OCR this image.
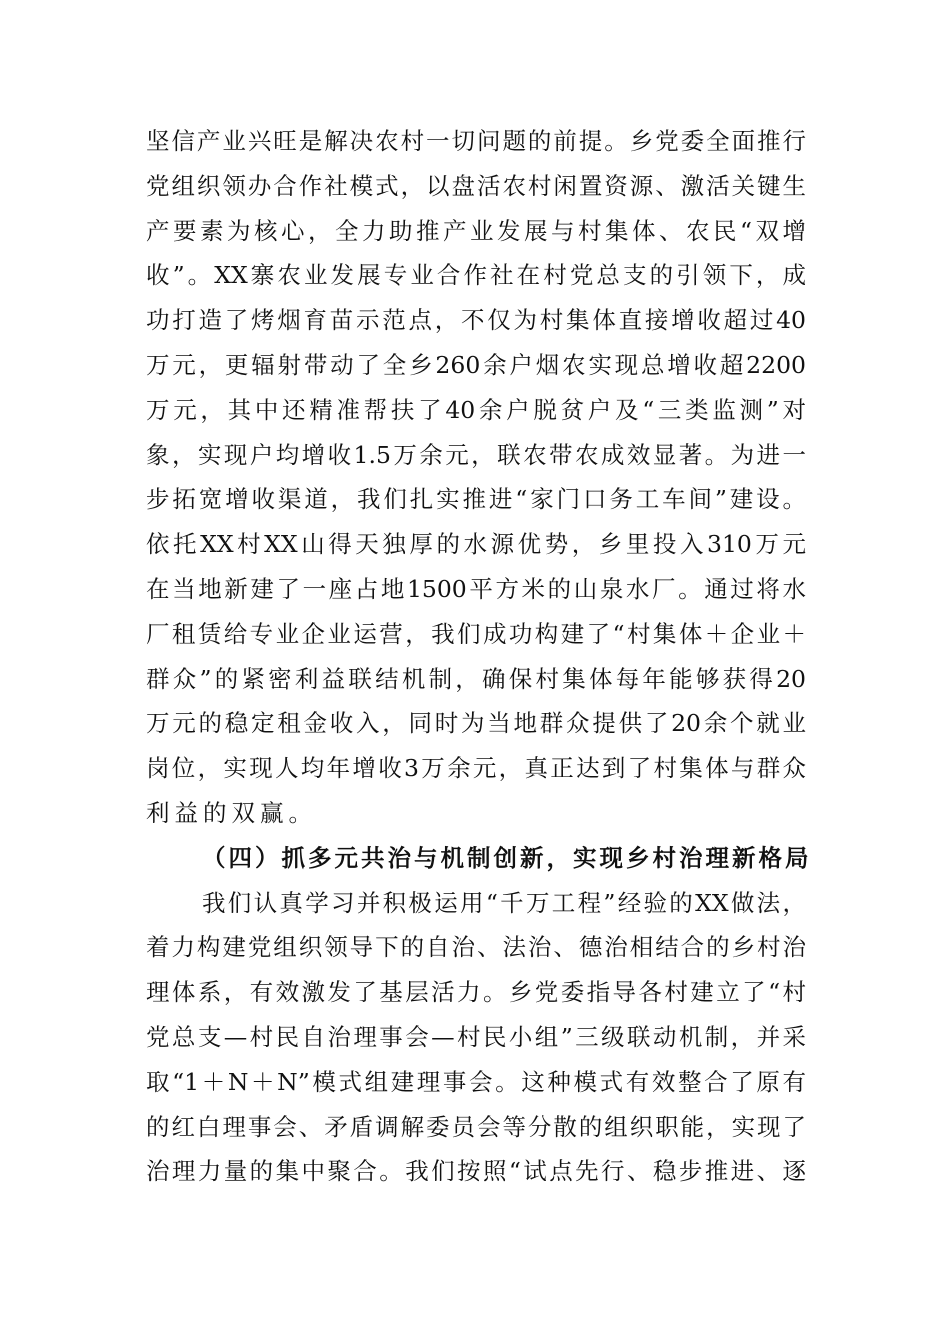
坚信产业兴旺是解决农村一切问题的前提。乡党委全面推行
党组织领办合作社模式，以盘活农村闲置资源、激活关键生
产要素为核心，全力助推产业发展与村集体、农民“双增
收”。XX寨农业发展专业合作社在村党总支的引领下，成
功打造了烤烟育苗示范点，不仅为村集体直接增收超过40
万元，更辐射带动了全乡260余户烟农实现总增收超2200
万元，其中还精准帮扶了40余户脱贫户及“三类监测”对
象，实现户均增收1.5万余元，联农带农成效显著。为进一
步拓宽增收渠道，我们扎实推进“家门口务工车间”建设。
依托XX村XX山得天独厚的水源优势，乡里投入310万元
在当地新建了一座占地1500平方米的山泉水厂。通过将水
厂租赁给专业企业运营，我们成功构建了“村集体＋企业＋
群众”的紧密利益联结机制，确保村集体每年能够获得20
万元的稳定租金收入，同时为当地群众提供了20余个就业
岗位，实现人均年增收3万余元，真正达到了村集体与群众
利益的双赢。
（四）抓多元共治与机制创新，实现乡村治理新格局
我们认真学习并积极运用“千万工程”经验的XX做法，
着力构建党组织领导下的自治、法治、德治相结合的乡村治
理体系，有效激发了基层活力。乡党委指导各村建立了“村
党总支—村民自治理事会—村民小组”三级联动机制，并采
取“1＋N＋N”模式组建理事会。这种模式有效整合了原有
的红白理事会、矛盾调解委员会等分散的组织职能，实现了
治理力量的集中聚合。我们按照“试点先行、稳步推进、逐
